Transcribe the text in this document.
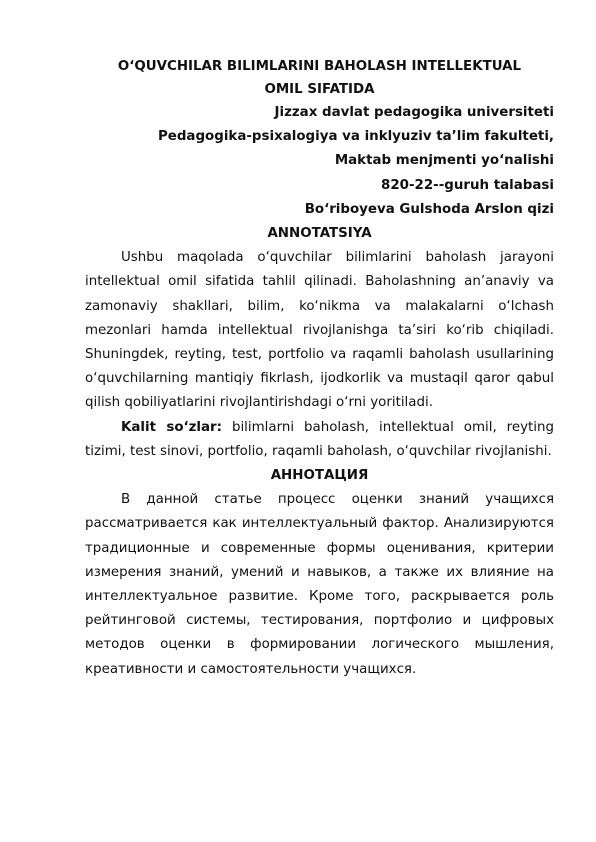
O‘QUVCHILAR BILIMLARINI BAHOLASH INTELLEKTUAL

OMIL SIFATIDA

Jizzax davlat pedagogika universiteti

Pedagogika-psixalogiya va inklyuziv ta’lim fakulteti,

Maktab menjmenti yo‘nalishi

820-22--guruh talabasi

Bo‘riboyeva Gulshoda Arslon qizi

ANNOTATSIYA

Ushbu maqolada o‘quvchilar bilimlarini baholash jarayoni intellektual omil sifatida tahlil qilinadi. Baholashning an’anaviy va zamonaviy shakllari, bilim, ko‘nikma va malakalarni o‘lchash mezonlari hamda intellektual rivojlanishga ta’siri ko‘rib chiqiladi. Shuningdek, reyting, test, portfolio va raqamli baholash usullarining o‘quvchilarning mantiqiy fikrlash, ijodkorlik va mustaqil qaror qabul qilish qobiliyatlarini rivojlantirishdagi o‘rni yoritiladi.

Kalit so‘zlar: bilimlarni baholash, intellektual omil, reyting tizimi, test sinovi, portfolio, raqamli baholash, o‘quvchilar rivojlanishi.

АННОТАЦИЯ

В данной статье процесс оценки знаний учащихся рассматривается как интеллектуальный фактор. Анализируются традиционные и современные формы оценивания, критерии измерения знаний, умений и навыков, а также их влияние на интеллектуальное развитие. Кроме того, раскрывается роль рейтинговой системы, тестирования, портфолио и цифровых методов оценки в формировании логического мышления, креативности и самостоятельности учащихся.
